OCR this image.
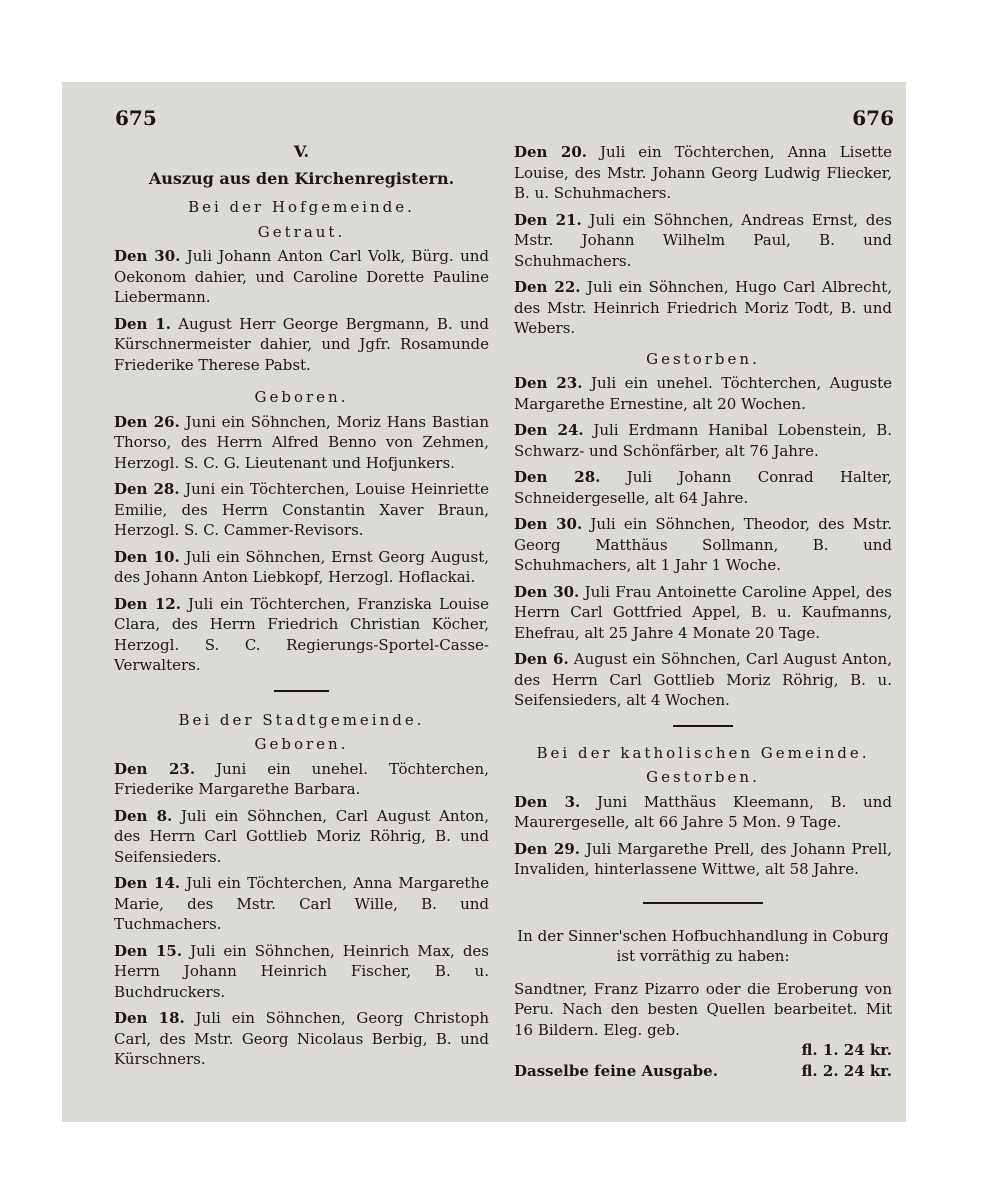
675	676

V.

Auszug aus den Kirchenregistern.

Bei der Hofgemeinde.

Getraut.

Den 30. Juli Johann Anton Carl Volk, Bürg. und Oekonom dahier, und Caroline Dorette Pauline Liebermann.

Den 1. August Herr George Bergmann, B. und Kürschnermeister dahier, und Jgfr. Rosamunde Friederike Therese Pabst.

Geboren.

Den 26. Juni ein Söhnchen, Moriz Hans Bastian Thorso, des Herrn Alfred Benno von Zehmen, Herzogl. S. C. G. Lieutenant und Hofjunkers.

Den 28. Juni ein Töchterchen, Louise Heinriette Emilie, des Herrn Constantin Xaver Braun, Herzogl. S. C. Cammer-Revisors.

Den 10. Juli ein Söhnchen, Ernst Georg August, des Johann Anton Liebkopf, Herzogl. Hoflackai.

Den 12. Juli ein Töchterchen, Franziska Louise Clara, des Herrn Friedrich Christian Köcher, Herzogl. S. C. Regierungs-Sportel-Casse-Verwalters.

Bei der Stadtgemeinde.

Geboren.

Den 23. Juni ein unehel. Töchterchen, Friederike Margarethe Barbara.

Den 8. Juli ein Söhnchen, Carl August Anton, des Herrn Carl Gottlieb Moriz Röhrig, B. und Seifensieders.

Den 14. Juli ein Töchterchen, Anna Margarethe Marie, des Mstr. Carl Wille, B. und Tuchmachers.

Den 15. Juli ein Söhnchen, Heinrich Max, des Herrn Johann Heinrich Fischer, B. u. Buchdruckers.

Den 18. Juli ein Söhnchen, Georg Christoph Carl, des Mstr. Georg Nicolaus Berbig, B. und Kürschners.

Den 20. Juli ein Töchterchen, Anna Lisette Louise, des Mstr. Johann Georg Ludwig Fliecker, B. u. Schuhmachers.

Den 21. Juli ein Söhnchen, Andreas Ernst, des Mstr. Johann Wilhelm Paul, B. und Schuhmachers.

Den 22. Juli ein Söhnchen, Hugo Carl Albrecht, des Mstr. Heinrich Friedrich Moriz Todt, B. und Webers.

Gestorben.

Den 23. Juli ein unehel. Töchterchen, Auguste Margarethe Ernestine, alt 20 Wochen.

Den 24. Juli Erdmann Hanibal Lobenstein, B. Schwarz- und Schönfärber, alt 76 Jahre.

Den 28. Juli Johann Conrad Halter, Schneidergeselle, alt 64 Jahre.

Den 30. Juli ein Söhnchen, Theodor, des Mstr. Georg Matthäus Sollmann, B. und Schuhmachers, alt 1 Jahr 1 Woche.

Den 30. Juli Frau Antoinette Caroline Appel, des Herrn Carl Gottfried Appel, B. u. Kaufmanns, Ehefrau, alt 25 Jahre 4 Monate 20 Tage.

Den 6. August ein Söhnchen, Carl August Anton, des Herrn Carl Gottlieb Moriz Röhrig, B. u. Seifensieders, alt 4 Wochen.

Bei der katholischen Gemeinde.

Gestorben.

Den 3. Juni Matthäus Kleemann, B. und Maurergeselle, alt 66 Jahre 5 Mon. 9 Tage.

Den 29. Juli Margarethe Prell, des Johann Prell, Invaliden, hinterlassene Wittwe, alt 58 Jahre.

In der Sinner'schen Hofbuchhandlung in Coburg ist vorräthig zu haben:

Sandtner, Franz Pizarro oder die Eroberung von Peru. Nach den besten Quellen bearbeitet. Mit 16 Bildern. Eleg. geb.

fl. 1. 24 kr.
Dasselbe feine Ausgabe.	fl. 2. 24 kr.
